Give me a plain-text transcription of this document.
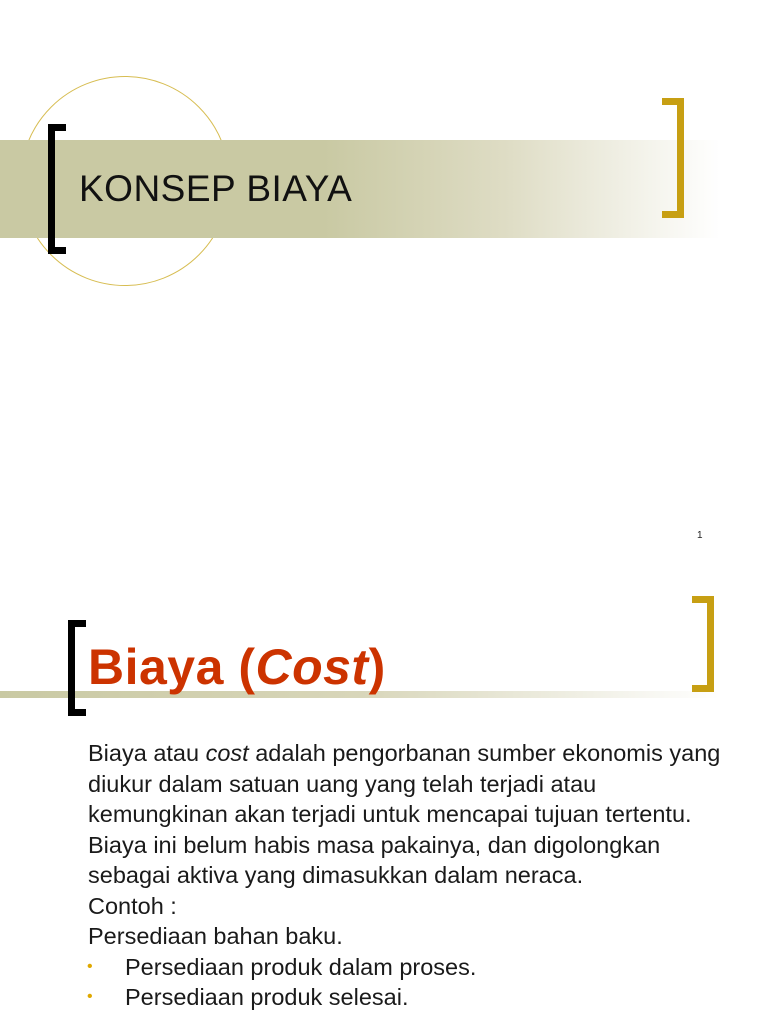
KONSEP BIAYA
1
Biaya (Cost)

Biaya atau cost adalah pengorbanan sumber ekonomis yang diukur dalam satuan uang yang telah terjadi atau kemungkinan akan terjadi untuk mencapai tujuan tertentu. Biaya ini belum habis masa pakainya, dan digolongkan sebagai aktiva yang dimasukkan dalam neraca.

Contoh :

Persediaan bahan baku.

• Persediaan produk dalam proses.
• Persediaan produk selesai.
